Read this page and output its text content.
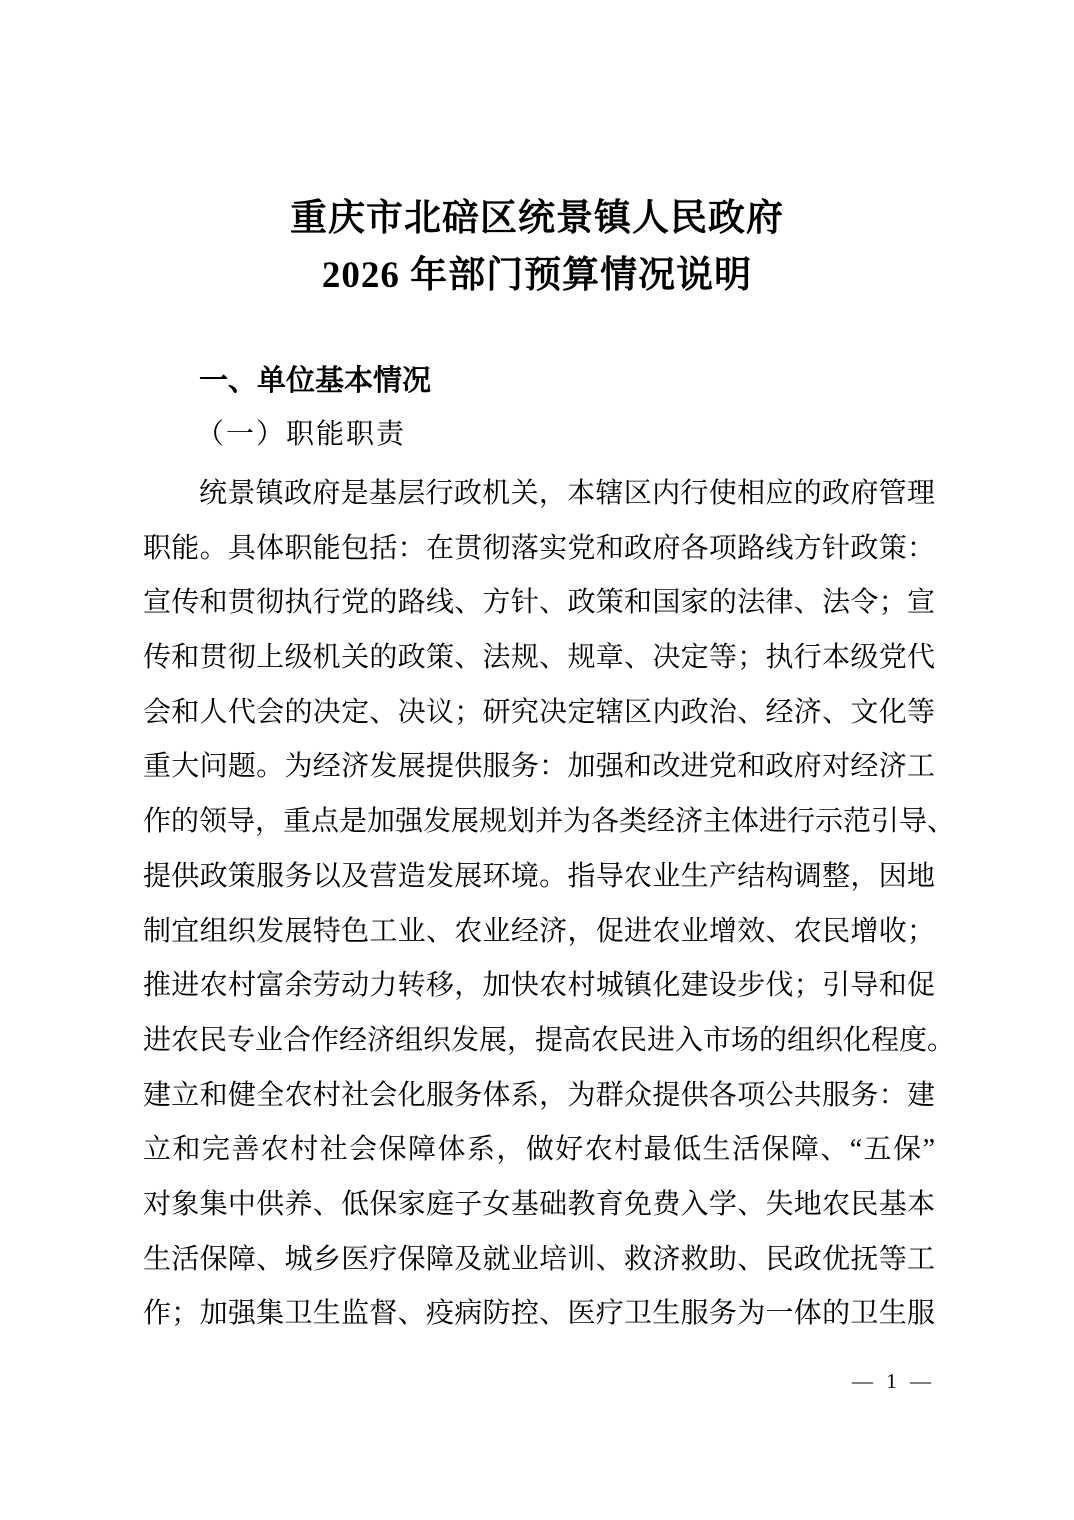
重庆市北碚区统景镇人民政府
2026 年部门预算情况说明
一、单位基本情况
（一）职能职责
统景镇政府是基层行政机关，本辖区内行使相应的政府管理
职能。具体职能包括：在贯彻落实党和政府各项路线方针政策：
宣传和贯彻执行党的路线、方针、政策和国家的法律、法令；宣
传和贯彻上级机关的政策、法规、规章、决定等；执行本级党代
会和人代会的决定、决议；研究决定辖区内政治、经济、文化等
重大问题。为经济发展提供服务：加强和改进党和政府对经济工
作的领导，重点是加强发展规划并为各类经济主体进行示范引导、
提供政策服务以及营造发展环境。指导农业生产结构调整，因地
制宜组织发展特色工业、农业经济，促进农业增效、农民增收；
推进农村富余劳动力转移，加快农村城镇化建设步伐；引导和促
进农民专业合作经济组织发展，提高农民进入市场的组织化程度。
建立和健全农村社会化服务体系，为群众提供各项公共服务：建
立和完善农村社会保障体系，做好农村最低生活保障、“五保”
对象集中供养、低保家庭子女基础教育免费入学、失地农民基本
生活保障、城乡医疗保障及就业培训、救济救助、民政优抚等工
作；加强集卫生监督、疫病防控、医疗卫生服务为一体的卫生服
— 1 —
